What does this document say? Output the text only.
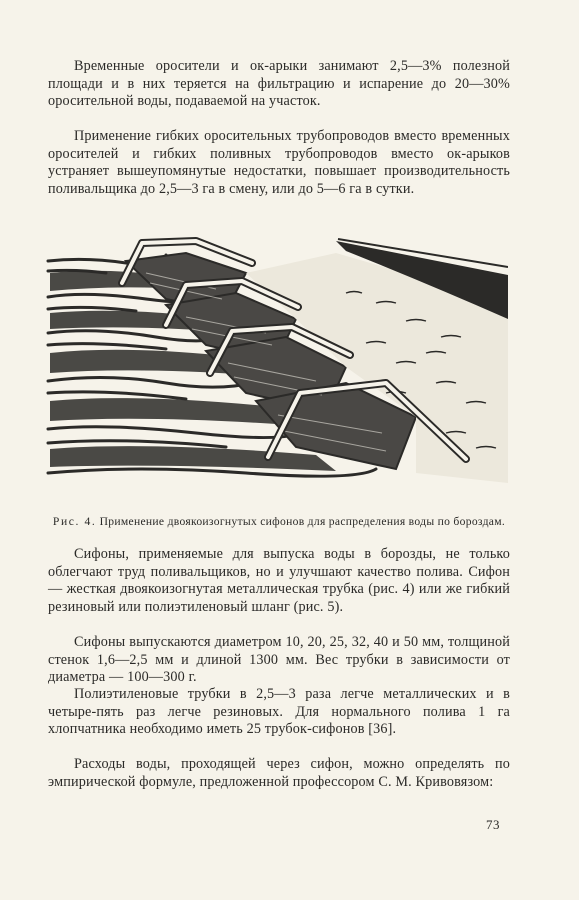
Временные оросители и ок-арыки занимают 2,5—3% полезной площади и в них теряется на фильтрацию и испарение до 20—30% оросительной воды, подаваемой на участок.

Применение гибких оросительных трубопроводов вместо временных оросителей и гибких поливных трубопроводов вместо ок-арыков устраняет вышеупомянутые недостатки, повышает производительность поливальщика до 2,5—3 га в смену, или до 5—6 га в сутки.

Рис. 4. Применение двоякоизогнутых сифонов для распределения воды по бороздам.

Сифоны, применяемые для выпуска воды в борозды, не только облегчают труд поливальщиков, но и улучшают качество полива. Сифон — жесткая двоякоизогнутая металлическая трубка (рис. 4) или же гибкий резиновый или полиэтиленовый шланг (рис. 5).

Сифоны выпускаются диаметром 10, 20, 25, 32, 40 и 50 мм, толщиной стенок 1,6—2,5 мм и длиной 1300 мм. Вес трубки в зависимости от диаметра — 100—300 г.

Полиэтиленовые трубки в 2,5—3 раза легче металлических и в четыре-пять раз легче резиновых. Для нормального полива 1 га хлопчатника необходимо иметь 25 трубок-сифонов [36].

Расходы воды, проходящей через сифон, можно определять по эмпирической формуле, предложенной профессором С. М. Кривовязом:

73
